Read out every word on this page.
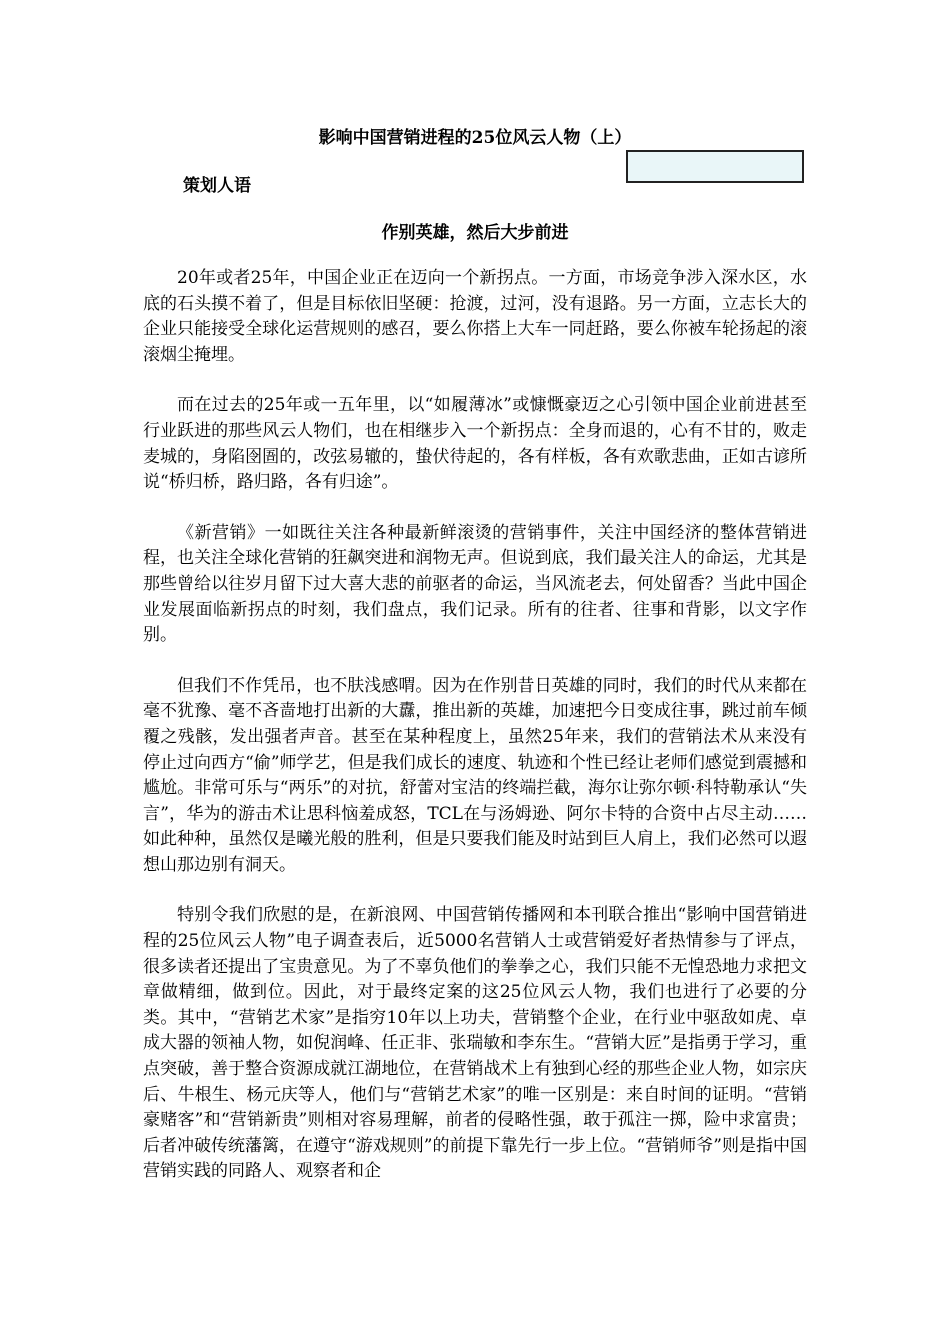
影响中国营销进程的25位风云人物（上）
策划人语
作别英雄，然后大步前进

20年或者25年，中国企业正在迈向一个新拐点。一方面，市场竞争涉入深水区，水底的石头摸不着了，但是目标依旧坚硬：抢渡，过河，没有退路。另一方面，立志长大的企业只能接受全球化运营规则的感召，要么你搭上大车一同赶路，要么你被车轮扬起的滚滚烟尘掩埋。

而在过去的25年或一五年里，以“如履薄冰”或慷慨豪迈之心引领中国企业前进甚至行业跃进的那些风云人物们，也在相继步入一个新拐点：全身而退的，心有不甘的，败走麦城的，身陷囹圄的，改弦易辙的，蛰伏待起的，各有样板，各有欢歌悲曲，正如古谚所说“桥归桥，路归路，各有归途”。

《新营销》一如既往关注各种最新鲜滚烫的营销事件，关注中国经济的整体营销进程，也关注全球化营销的狂飙突进和润物无声。但说到底，我们最关注人的命运，尤其是那些曾给以往岁月留下过大喜大悲的前驱者的命运，当风流老去，何处留香？当此中国企业发展面临新拐点的时刻，我们盘点，我们记录。所有的往者、往事和背影，以文字作别。

但我们不作凭吊，也不肤浅感喟。因为在作别昔日英雄的同时，我们的时代从来都在毫不犹豫、毫不吝啬地打出新的大纛，推出新的英雄，加速把今日变成往事，跳过前车倾覆之残骸，发出强者声音。甚至在某种程度上，虽然25年来，我们的营销法术从来没有停止过向西方“偷”师学艺，但是我们成长的速度、轨迹和个性已经让老师们感觉到震撼和尴尬。非常可乐与“两乐”的对抗，舒蕾对宝洁的终端拦截，海尔让弥尔顿·科特勒承认“失言”，华为的游击术让思科恼羞成怒，TCL在与汤姆逊、阿尔卡特的合资中占尽主动……如此种种，虽然仅是曦光般的胜利，但是只要我们能及时站到巨人肩上，我们必然可以遐想山那边别有洞天。

特别令我们欣慰的是，在新浪网、中国营销传播网和本刊联合推出“影响中国营销进程的25位风云人物”电子调查表后，近5000名营销人士或营销爱好者热情参与了评点，很多读者还提出了宝贵意见。为了不辜负他们的拳拳之心，我们只能不无惶恐地力求把文章做精细，做到位。因此，对于最终定案的这25位风云人物，我们也进行了必要的分类。其中，“营销艺术家”是指穷10年以上功夫，营销整个企业，在行业中驱敌如虎、卓成大器的领袖人物，如倪润峰、任正非、张瑞敏和李东生。“营销大匠”是指勇于学习，重点突破，善于整合资源成就江湖地位，在营销战术上有独到心经的那些企业人物，如宗庆后、牛根生、杨元庆等人，他们与“营销艺术家”的唯一区别是：来自时间的证明。“营销豪赌客”和“营销新贵”则相对容易理解，前者的侵略性强，敢于孤注一掷，险中求富贵；后者冲破传统藩篱，在遵守“游戏规则”的前提下靠先行一步上位。“营销师爷”则是指中国营销实践的同路人、观察者和企
